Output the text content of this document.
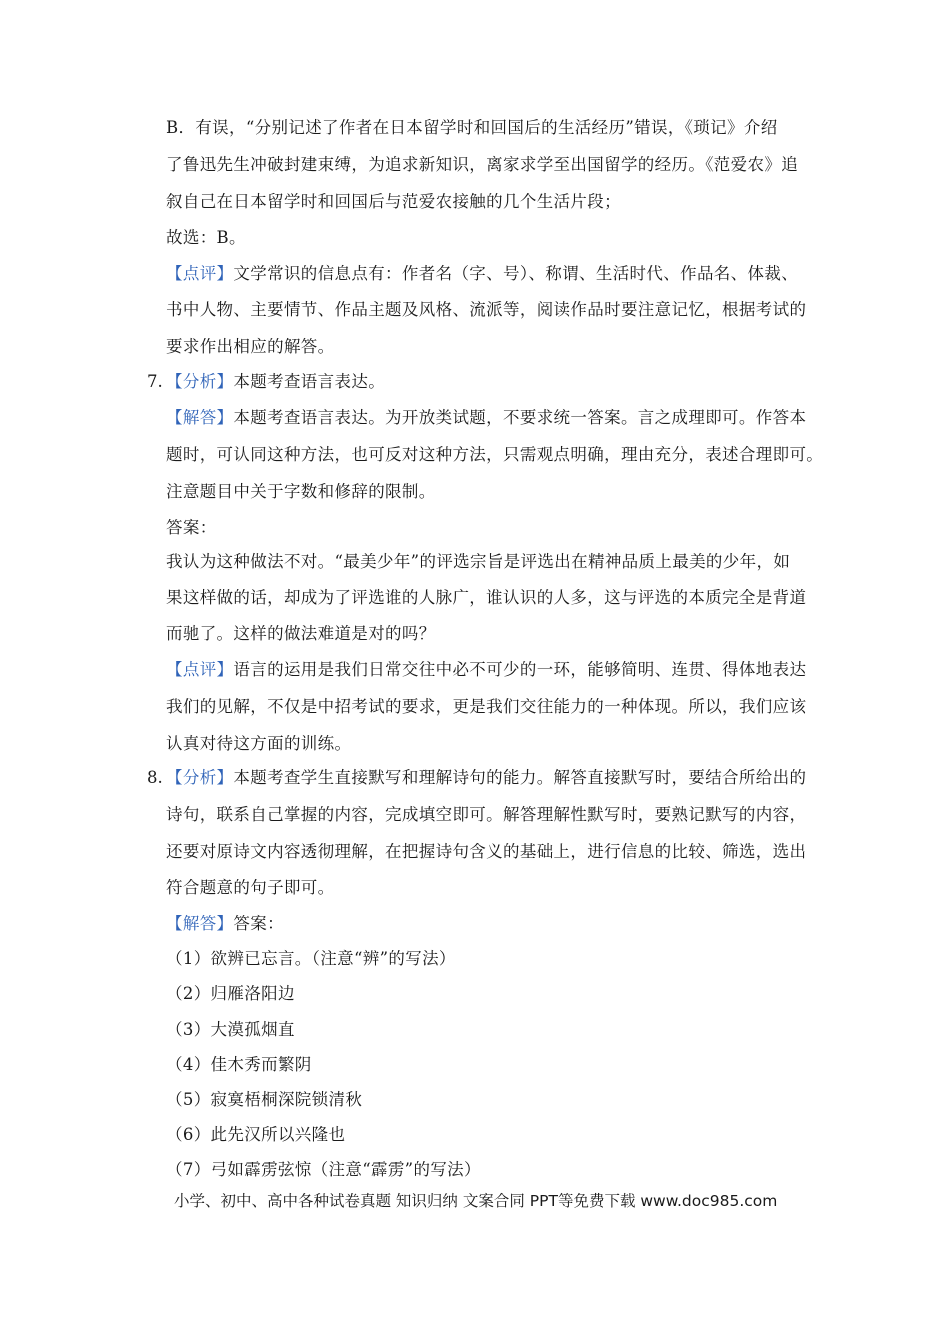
B．有误，“分别记述了作者在日本留学时和回国后的生活经历”错误，《琐记》介绍
了鲁迅先生冲破封建束缚，为追求新知识，离家求学至出国留学的经历。《范爱农》追
叙自己在日本留学时和回国后与范爱农接触的几个生活片段；
故选：B。
【点评】文学常识的信息点有：作者名（字、号）、称谓、生活时代、作品名、体裁、
书中人物、主要情节、作品主题及风格、流派等，阅读作品时要注意记忆，根据考试的
要求作出相应的解答。
7. 【分析】本题考查语言表达。
【解答】本题考查语言表达。为开放类试题，不要求统一答案。言之成理即可。作答本
题时，可认同这种方法，也可反对这种方法，只需观点明确，理由充分，表述合理即可。
注意题目中关于字数和修辞的限制。
答案：
我认为这种做法不对。“最美少年”的评选宗旨是评选出在精神品质上最美的少年，如
果这样做的话，却成为了评选谁的人脉广，谁认识的人多，这与评选的本质完全是背道
而驰了。这样的做法难道是对的吗？
【点评】语言的运用是我们日常交往中必不可少的一环，能够简明、连贯、得体地表达
我们的见解，不仅是中招考试的要求，更是我们交往能力的一种体现。所以，我们应该
认真对待这方面的训练。
8. 【分析】本题考查学生直接默写和理解诗句的能力。解答直接默写时，要结合所给出的
诗句，联系自己掌握的内容，完成填空即可。解答理解性默写时，要熟记默写的内容，
还要对原诗文内容透彻理解，在把握诗句含义的基础上，进行信息的比较、筛选，选出
符合题意的句子即可。
【解答】答案：
（1）欲辨已忘言。（注意“辨”的写法）
（2）归雁洛阳边
（3）大漠孤烟直
（4）佳木秀而繁阴
（5）寂寞梧桐深院锁清秋
（6）此先汉所以兴隆也
（7）弓如霹雳弦惊（注意“霹雳”的写法）
小学、初中、高中各种试卷真题 知识归纳 文案合同 PPT等免费下载 www.doc985.com
